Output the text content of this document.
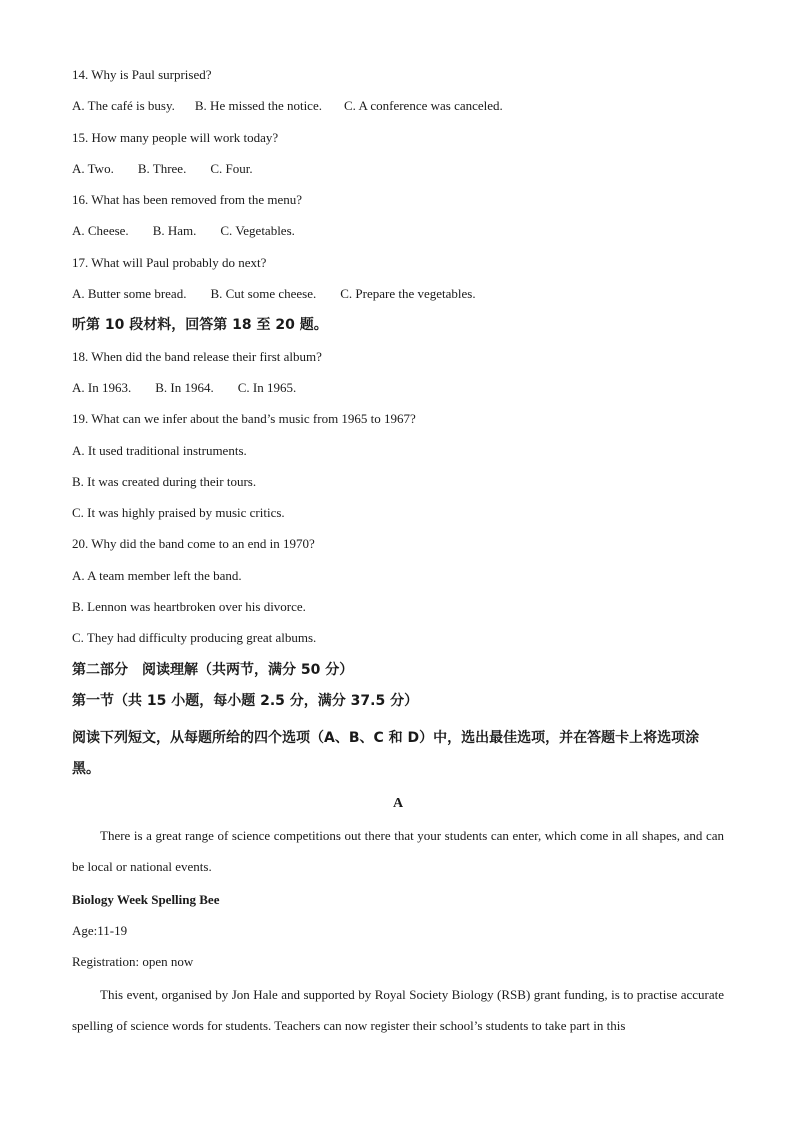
14. Why is Paul surprised?
A. The café is busy. B. He missed the notice. C. A conference was canceled.
15. How many people will work today?
A. Two. B. Three. C. Four.
16. What has been removed from the menu?
A. Cheese. B. Ham. C. Vegetables.
17. What will Paul probably do next?
A. Butter some bread. B. Cut some cheese. C. Prepare the vegetables.
听第 10 段材料，回答第 18 至 20 题。
18. When did the band release their first album?
A. In 1963. B. In 1964. C. In 1965.
19. What can we infer about the band’s music from 1965 to 1967?
A. It used traditional instruments.
B. It was created during their tours.
C. It was highly praised by music critics.
20. Why did the band come to an end in 1970?
A. A team member left the band.
B. Lennon was heartbroken over his divorce.
C. They had difficulty producing great albums.
第二部分　阅读理解（共两节，满分 50 分）
第一节（共 15 小题，每小题 2.5 分，满分 37.5 分）
阅读下列短文，从每题所给的四个选项（A、B、C 和 D）中，选出最佳选项，并在答题卡上将选项涂黑。
A
There is a great range of science competitions out there that your students can enter, which come in all shapes, and can be local or national events.
Biology Week Spelling Bee
Age:11-19
Registration: open now
This event, organised by Jon Hale and supported by Royal Society Biology (RSB) grant funding, is to practise accurate spelling of science words for students. Teachers can now register their school’s students to take part in this
